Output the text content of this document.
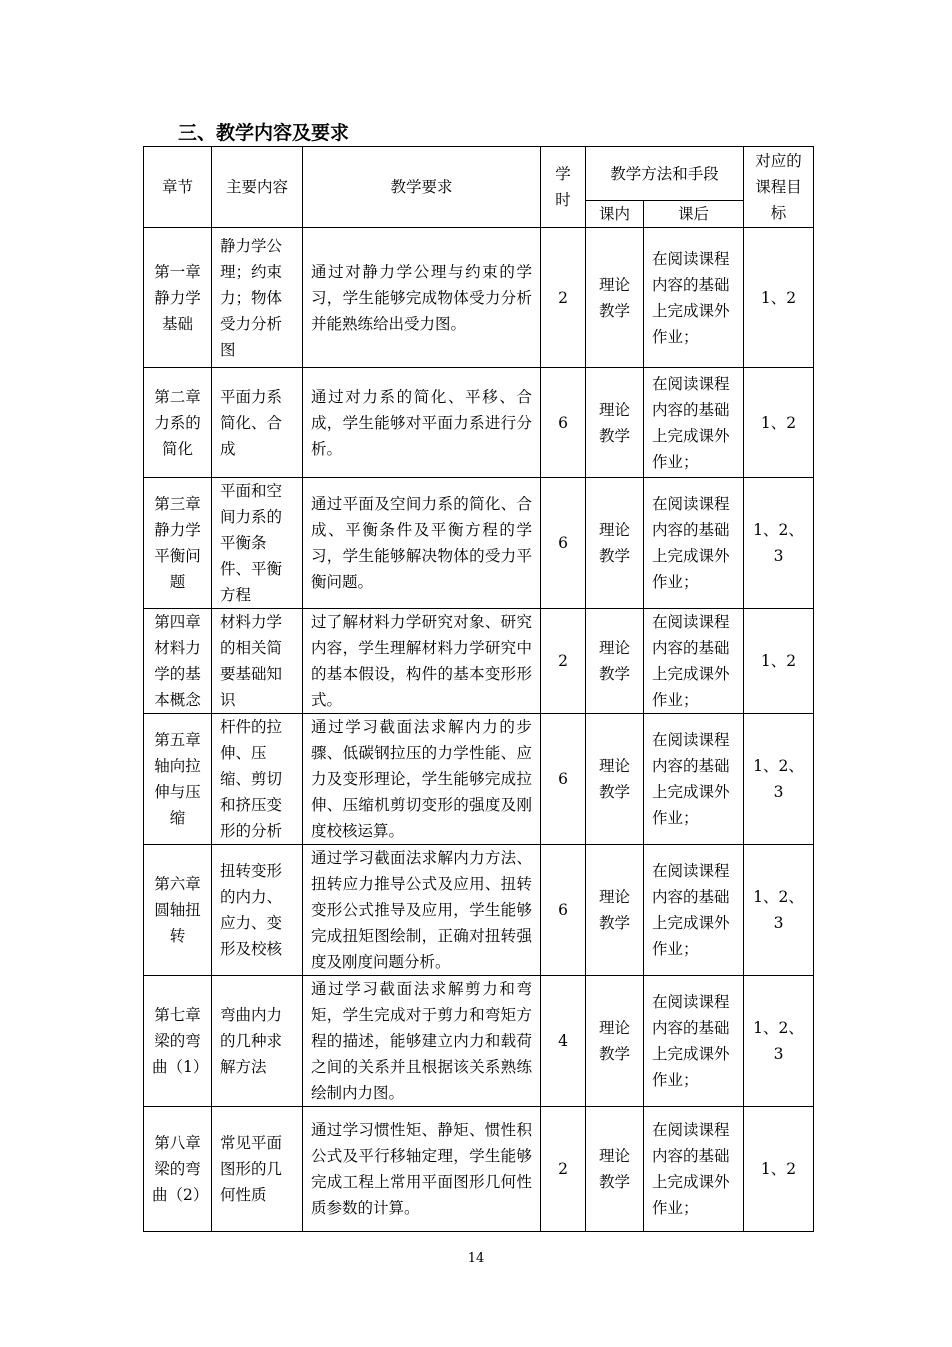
三、教学内容及要求
章节	主要内容	教学要求	学时	教学方法和手段		对应的课程目标
				课内	课后	
第一章静力学基础	静力学公理；约束力；物体受力分析图	通过对静力学公理与约束的学习，学生能够完成物体受力分析并能熟练给出受力图。	2	理论教学	在阅读课程内容的基础上完成课外作业；	1、2
第二章力系的简化	平面力系简化、合成	通过对力系的简化、平移、合成，学生能够对平面力系进行分析。	6	理论教学	在阅读课程内容的基础上完成课外作业；	1、2
第三章静力学平衡问题	平面和空间力系的平衡条件、平衡方程	通过平面及空间力系的简化、合成、平衡条件及平衡方程的学习，学生能够解决物体的受力平衡问题。	6	理论教学	在阅读课程内容的基础上完成课外作业；	1、2、3
第四章材料力学的基本概念	材料力学的相关简要基础知识	过了解材料力学研究对象、研究内容，学生理解材料力学研究中的基本假设，构件的基本变形形式。	2	理论教学	在阅读课程内容的基础上完成课外作业；	1、2
第五章轴向拉伸与压缩	杆件的拉伸、压缩、剪切和挤压变形的分析	通过学习截面法求解内力的步骤、低碳钢拉压的力学性能、应力及变形理论，学生能够完成拉伸、压缩机剪切变形的强度及刚度校核运算。	6	理论教学	在阅读课程内容的基础上完成课外作业；	1、2、3
第六章圆轴扭转	扭转变形的内力、应力、变形及校核	通过学习截面法求解内力方法、扭转应力推导公式及应用、扭转变形公式推导及应用，学生能够完成扭矩图绘制，正确对扭转强度及刚度问题分析。	6	理论教学	在阅读课程内容的基础上完成课外作业；	1、2、3
第七章梁的弯曲（1）	弯曲内力的几种求解方法	通过学习截面法求解剪力和弯矩，学生完成对于剪力和弯矩方程的描述，能够建立内力和载荷之间的关系并且根据该关系熟练绘制内力图。	4	理论教学	在阅读课程内容的基础上完成课外作业；	1、2、3
第八章梁的弯曲（2）	常见平面图形的几何性质	通过学习惯性矩、静矩、惯性积公式及平行移轴定理，学生能够完成工程上常用平面图形几何性质参数的计算。	2	理论教学	在阅读课程内容的基础上完成课外作业；	1、2
14
